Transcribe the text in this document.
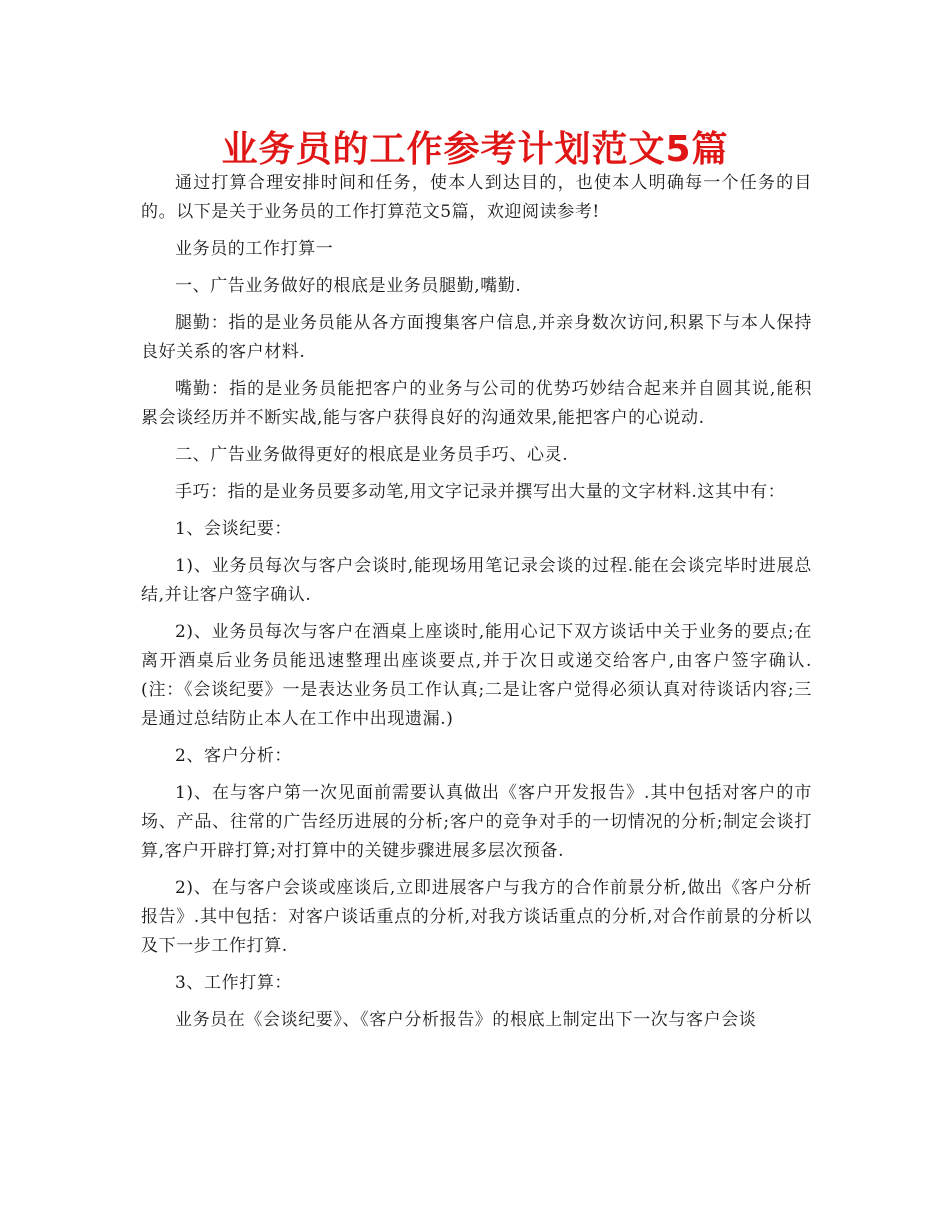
业务员的工作参考计划范文5篇

通过打算合理安排时间和任务，使本人到达目的，也使本人明确每一个任务的目的。以下是关于业务员的工作打算范文5篇，欢迎阅读参考!

业务员的工作打算一

一、广告业务做好的根底是业务员腿勤,嘴勤.

腿勤：指的是业务员能从各方面搜集客户信息,并亲身数次访问,积累下与本人保持良好关系的客户材料.

嘴勤：指的是业务员能把客户的业务与公司的优势巧妙结合起来并自圆其说,能积累会谈经历并不断实战,能与客户获得良好的沟通效果,能把客户的心说动.

二、广告业务做得更好的根底是业务员手巧、心灵.

手巧：指的是业务员要多动笔,用文字记录并撰写出大量的文字材料.这其中有：

1、会谈纪要：

1)、业务员每次与客户会谈时,能现场用笔记录会谈的过程.能在会谈完毕时进展总结,并让客户签字确认.

2)、业务员每次与客户在酒桌上座谈时,能用心记下双方谈话中关于业务的要点;在离开酒桌后业务员能迅速整理出座谈要点,并于次日或递交给客户,由客户签字确认.(注：《会谈纪要》一是表达业务员工作认真;二是让客户觉得必须认真对待谈话内容;三是通过总结防止本人在工作中出现遗漏.)

2、客户分析：

1)、在与客户第一次见面前需要认真做出《客户开发报告》.其中包括对客户的市场、产品、往常的广告经历进展的分析;客户的竞争对手的一切情况的分析;制定会谈打算,客户开辟打算;对打算中的关键步骤进展多层次预备.

2)、在与客户会谈或座谈后,立即进展客户与我方的合作前景分析,做出《客户分析报告》.其中包括：对客户谈话重点的分析,对我方谈话重点的分析,对合作前景的分析以及下一步工作打算.

3、工作打算：

业务员在《会谈纪要》、《客户分析报告》的根底上制定出下一次与客户会谈
